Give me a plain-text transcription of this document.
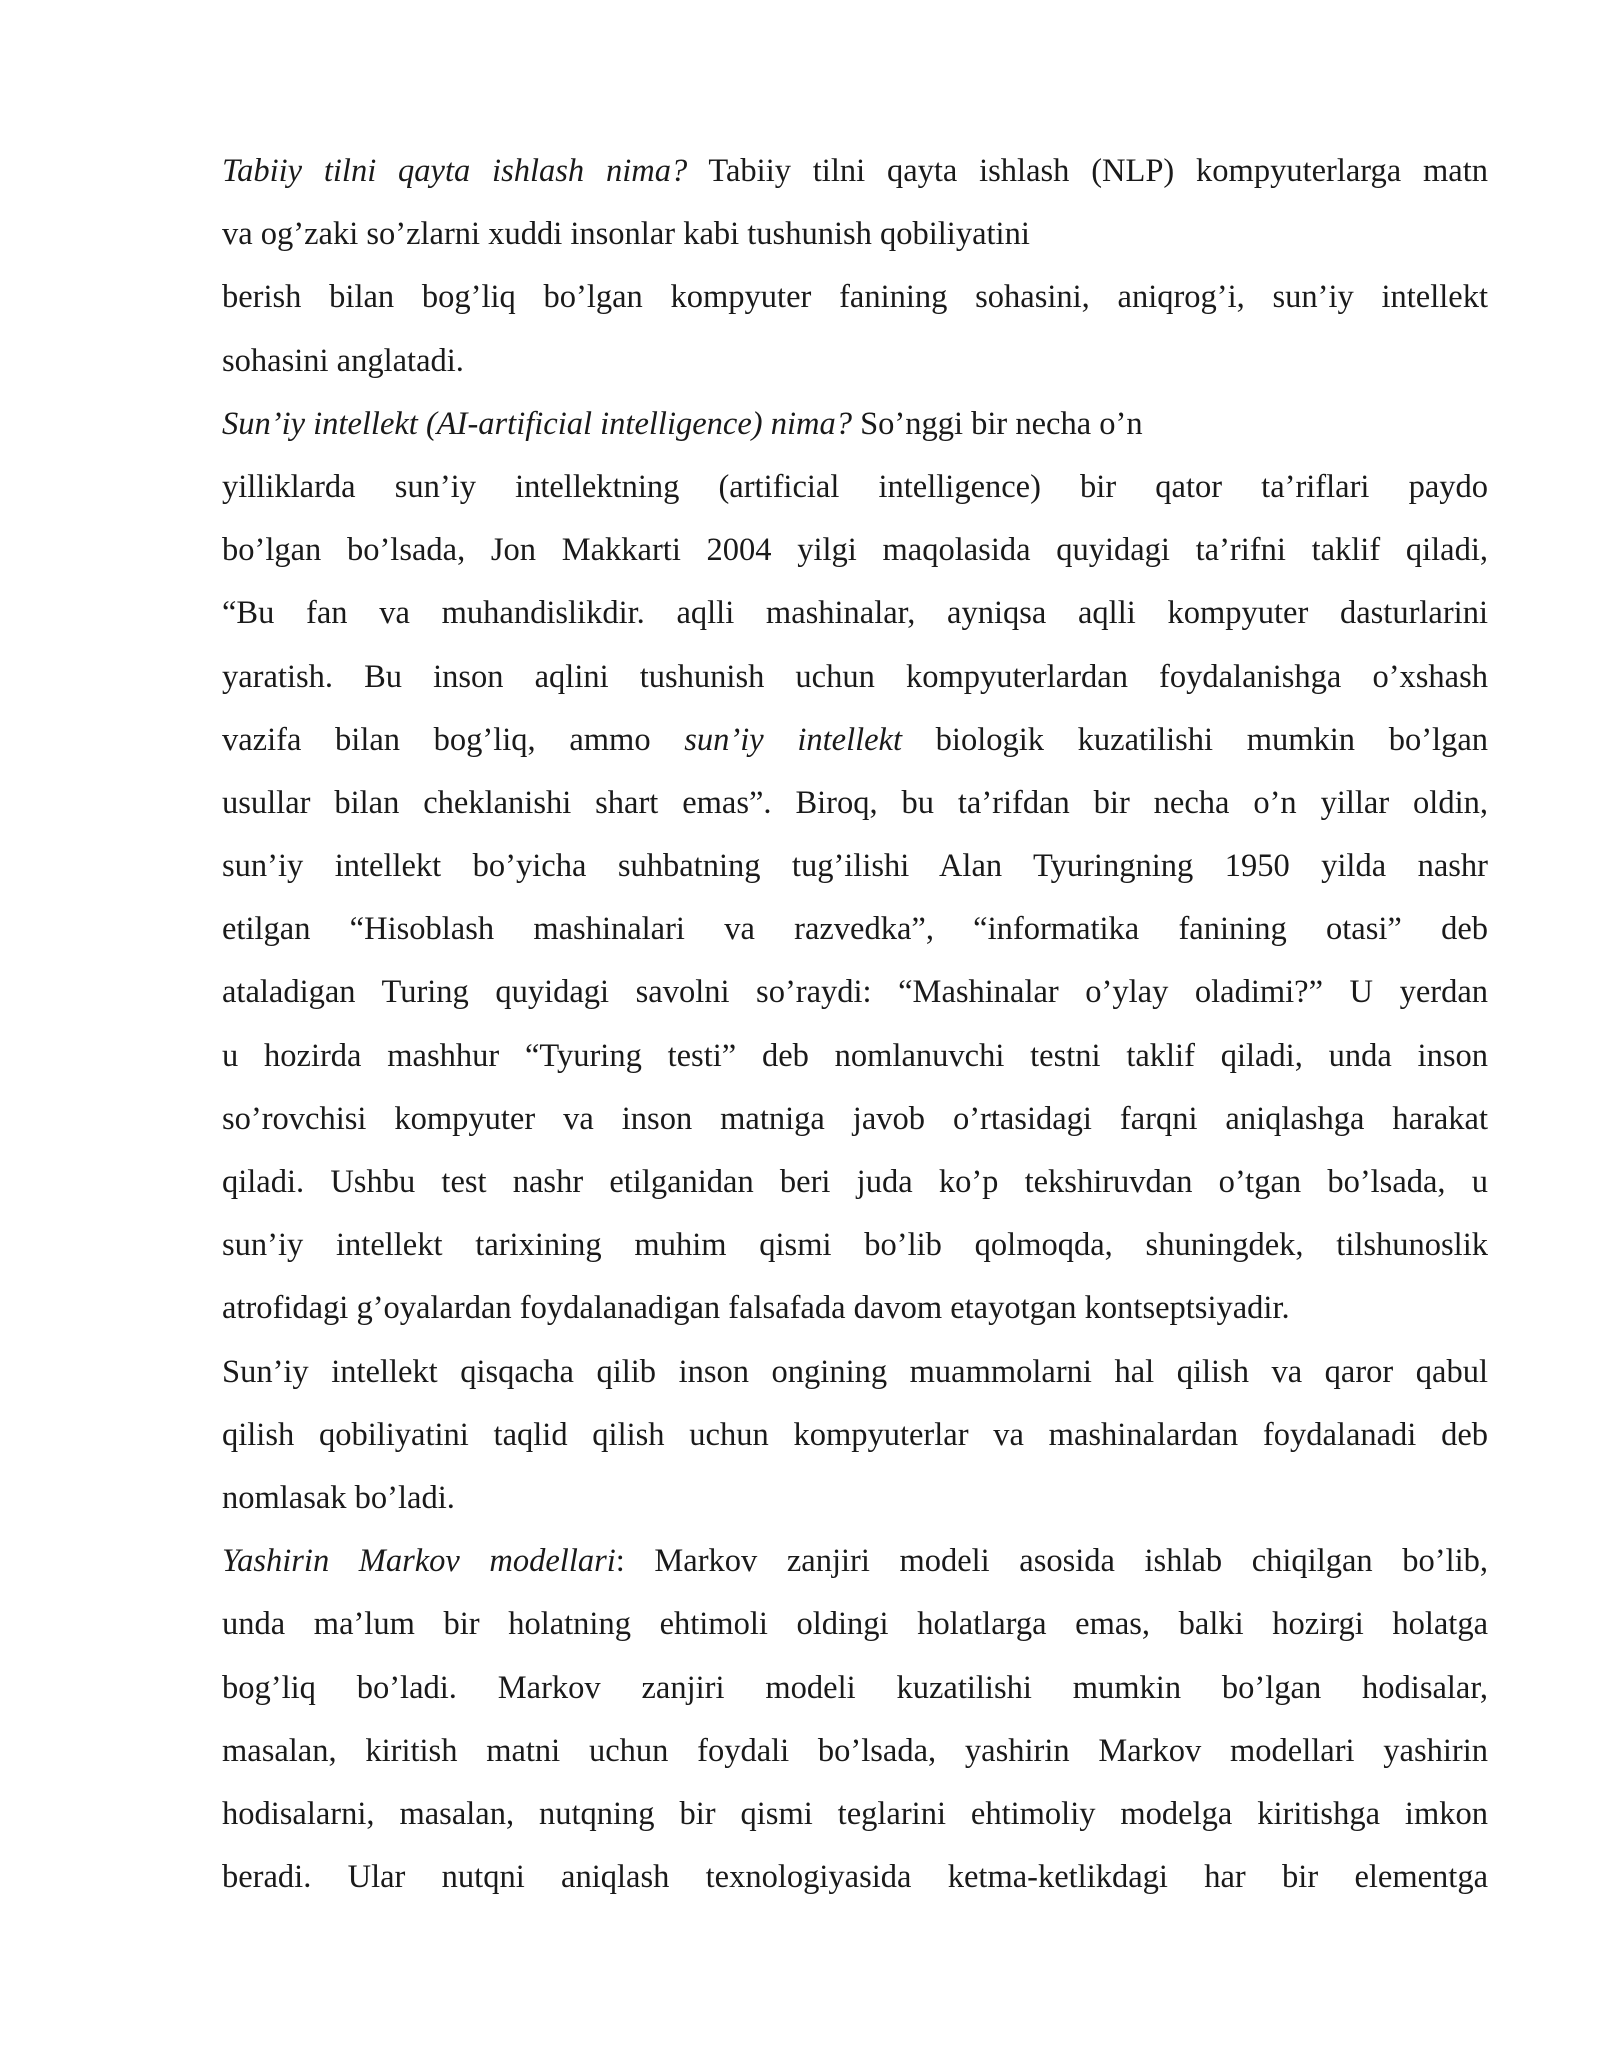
Tabiiy tilni qayta ishlash nima? Tabiiy tilni qayta ishlash (NLP) kompyuterlarga matn
va og’zaki so’zlarni xuddi insonlar kabi tushunish qobiliyatini
berish bilan bog’liq bo’lgan kompyuter fanining sohasini, aniqrog’i, sun’iy intellekt
sohasini anglatadi.
Sun’iy intellekt (AI-artificial intelligence) nima? So’nggi bir necha o’n
yilliklarda sun’iy intellektning (artificial intelligence) bir qator ta’riflari paydo
bo’lgan bo’lsada, Jon Makkarti 2004 yilgi maqolasida quyidagi ta’rifni taklif qiladi,
“Bu fan va muhandislikdir. aqlli mashinalar, ayniqsa aqlli kompyuter dasturlarini
yaratish. Bu inson aqlini tushunish uchun kompyuterlardan foydalanishga o’xshash
vazifa bilan bog’liq, ammo sun’iy intellekt biologik kuzatilishi mumkin bo’lgan
usullar bilan cheklanishi shart emas”. Biroq, bu ta’rifdan bir necha o’n yillar oldin,
sun’iy intellekt bo’yicha suhbatning tug’ilishi Alan Tyuringning 1950 yilda nashr
etilgan “Hisoblash mashinalari va razvedka”, “informatika fanining otasi” deb
ataladigan Turing quyidagi savolni so’raydi: “Mashinalar o’ylay oladimi?” U yerdan
u hozirda mashhur “Tyuring testi” deb nomlanuvchi testni taklif qiladi, unda inson
so’rovchisi kompyuter va inson matniga javob o’rtasidagi farqni aniqlashga harakat
qiladi. Ushbu test nashr etilganidan beri juda ko’p tekshiruvdan o’tgan bo’lsada, u
sun’iy intellekt tarixining muhim qismi bo’lib qolmoqda, shuningdek, tilshunoslik
atrofidagi g’oyalardan foydalanadigan falsafada davom etayotgan kontseptsiyadir.
Sun’iy intellekt qisqacha qilib inson ongining muammolarni hal qilish va qaror qabul
qilish qobiliyatini taqlid qilish uchun kompyuterlar va mashinalardan foydalanadi deb
nomlasak bo’ladi.
Yashirin Markov modellari: Markov zanjiri modeli asosida ishlab chiqilgan bo’lib,
unda ma’lum bir holatning ehtimoli oldingi holatlarga emas, balki hozirgi holatga
bog’liq bo’ladi. Markov zanjiri modeli kuzatilishi mumkin bo’lgan hodisalar,
masalan, kiritish matni uchun foydali bo’lsada, yashirin Markov modellari yashirin
hodisalarni, masalan, nutqning bir qismi teglarini ehtimoliy modelga kiritishga imkon
beradi. Ular nutqni aniqlash texnologiyasida ketma-ketlikdagi har bir elementga
